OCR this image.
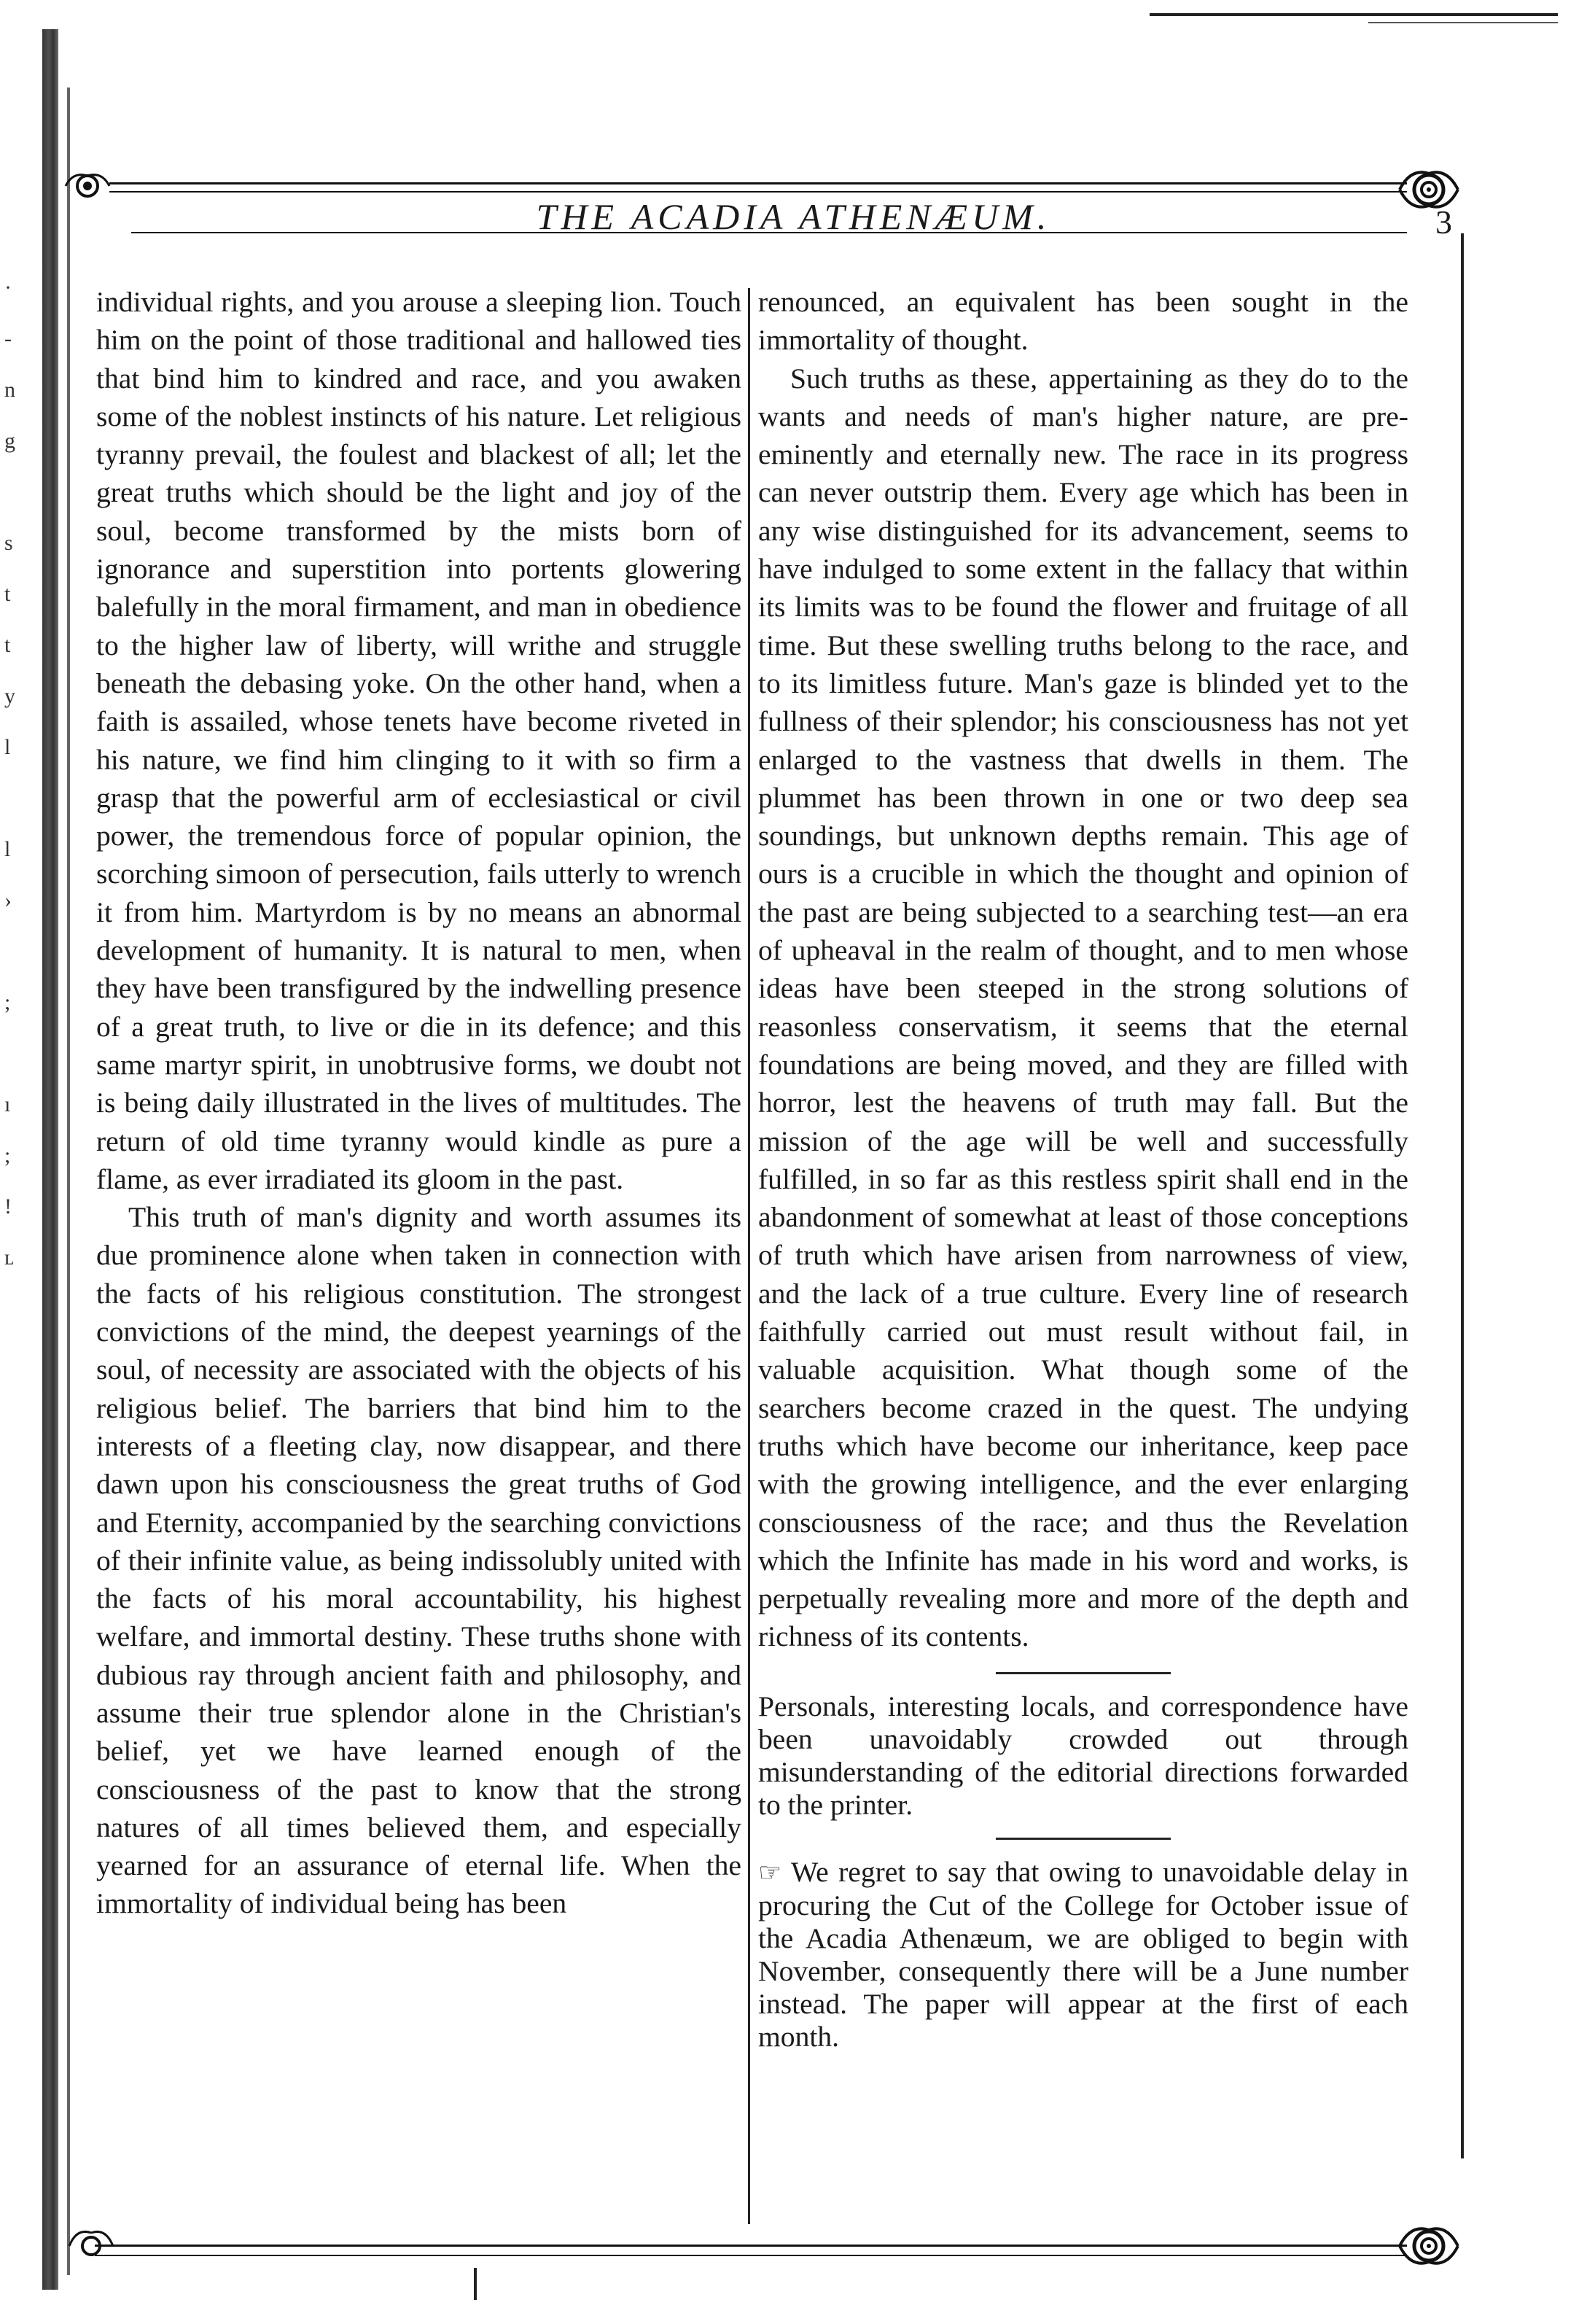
·
-
n
g

s
t
t
y
l

l
›

;

ı
;
!
ʟ
THE ACADIA ATHENÆUM.	3

individual rights, and you arouse a sleeping lion. Touch him on the point of those traditional and hallowed ties that bind him to kindred and race, and you awaken some of the noblest instincts of his nature. Let religious tyranny prevail, the foulest and blackest of all; let the great truths which should be the light and joy of the soul, become transformed by the mists born of ignorance and superstition into portents glowering balefully in the moral firmament, and man in obedience to the higher law of liberty, will writhe and struggle beneath the debasing yoke. On the other hand, when a faith is assailed, whose tenets have become riveted in his nature, we find him clinging to it with so firm a grasp that the powerful arm of ecclesiastical or civil power, the tremendous force of popular opinion, the scorching simoon of persecution, fails utterly to wrench it from him. Martyrdom is by no means an abnormal development of humanity. It is natural to men, when they have been transfigured by the indwelling presence of a great truth, to live or die in its defence; and this same martyr spirit, in unobtrusive forms, we doubt not is being daily illustrated in the lives of multitudes. The return of old time tyranny would kindle as pure a flame, as ever irradiated its gloom in the past.

This truth of man's dignity and worth assumes its due prominence alone when taken in connection with the facts of his religious constitution. The strongest convictions of the mind, the deepest yearnings of the soul, of necessity are associated with the objects of his religious belief. The barriers that bind him to the interests of a fleeting clay, now disappear, and there dawn upon his consciousness the great truths of God and Eternity, accompanied by the searching convictions of their infinite value, as being indissolubly united with the facts of his moral accountability, his highest welfare, and immortal destiny. These truths shone with dubious ray through ancient faith and philosophy, and assume their true splendor alone in the Christian's belief, yet we have learned enough of the consciousness of the past to know that the strong natures of all times believed them, and especially yearned for an assurance of eternal life. When the immortality of individual being has been

renounced, an equivalent has been sought in the immortality of thought.

Such truths as these, appertaining as they do to the wants and needs of man's higher nature, are pre-eminently and eternally new. The race in its progress can never outstrip them. Every age which has been in any wise distinguished for its advancement, seems to have indulged to some extent in the fallacy that within its limits was to be found the flower and fruitage of all time. But these swelling truths belong to the race, and to its limitless future. Man's gaze is blinded yet to the fullness of their splendor; his consciousness has not yet enlarged to the vastness that dwells in them. The plummet has been thrown in one or two deep sea soundings, but unknown depths remain. This age of ours is a crucible in which the thought and opinion of the past are being subjected to a searching test—an era of upheaval in the realm of thought, and to men whose ideas have been steeped in the strong solutions of reasonless conservatism, it seems that the eternal foundations are being moved, and they are filled with horror, lest the heavens of truth may fall. But the mission of the age will be well and successfully fulfilled, in so far as this restless spirit shall end in the abandonment of somewhat at least of those conceptions of truth which have arisen from narrowness of view, and the lack of a true culture. Every line of research faithfully carried out must result without fail, in valuable acquisition. What though some of the searchers become crazed in the quest. The undying truths which have become our inheritance, keep pace with the growing intelligence, and the ever enlarging consciousness of the race; and thus the Revelation which the Infinite has made in his word and works, is perpetually revealing more and more of the depth and richness of its contents.

Personals, interesting locals, and correspondence have been unavoidably crowded out through misunderstanding of the editorial directions forwarded to the printer.

☞ We regret to say that owing to unavoidable delay in procuring the Cut of the College for October issue of the Acadia Athenæum, we are obliged to begin with November, consequently there will be a June number instead. The paper will appear at the first of each month.
